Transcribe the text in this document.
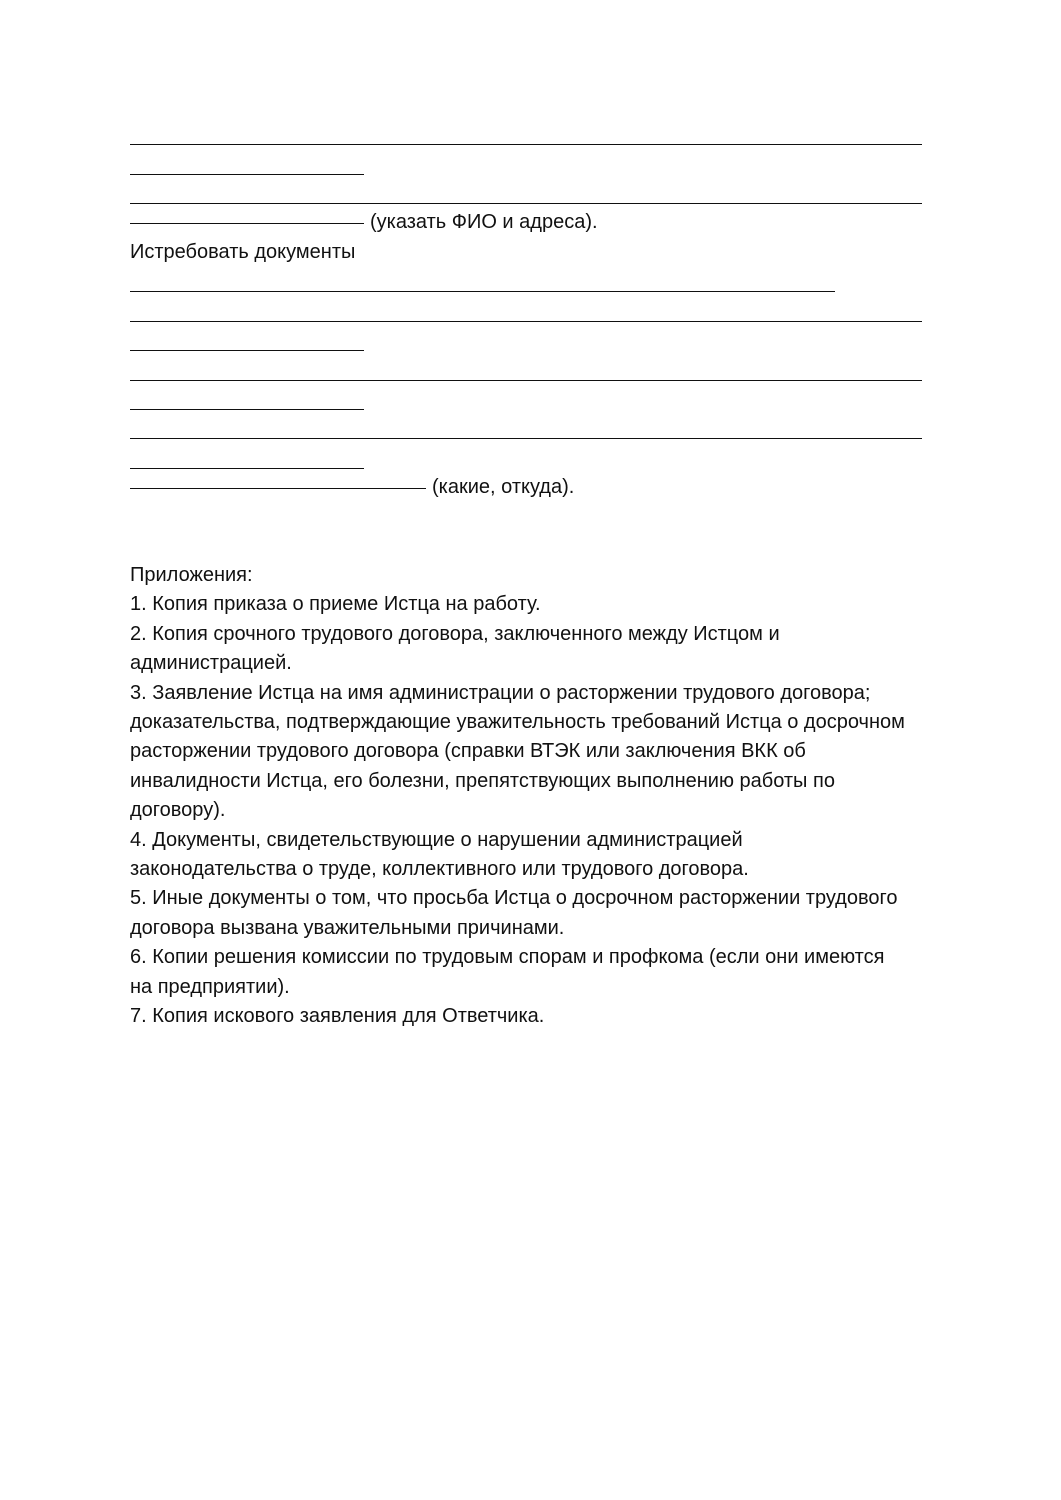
(указать ФИО и адреса).
Истребовать документы
(какие, откуда).
Приложения:
1. Копия приказа о приеме Истца на работу.
2. Копия срочного трудового договора, заключенного между Истцом и администрацией.
3. Заявление Истца на имя администрации о расторжении трудового договора; доказательства, подтверждающие уважительность требований Истца о досрочном расторжении трудового договора (справки ВТЭК или заключения ВКК об инвалидности Истца, его болезни, препятствующих выполнению работы по договору).
4. Документы, свидетельствующие о нарушении администрацией законодательства о труде, коллективного или трудового договора.
5. Иные документы о том, что просьба Истца о досрочном расторжении трудового договора вызвана уважительными причинами.
6. Копии решения комиссии по трудовым спорам и профкома (если они имеются на предприятии).
7. Копия искового заявления для Ответчика.
